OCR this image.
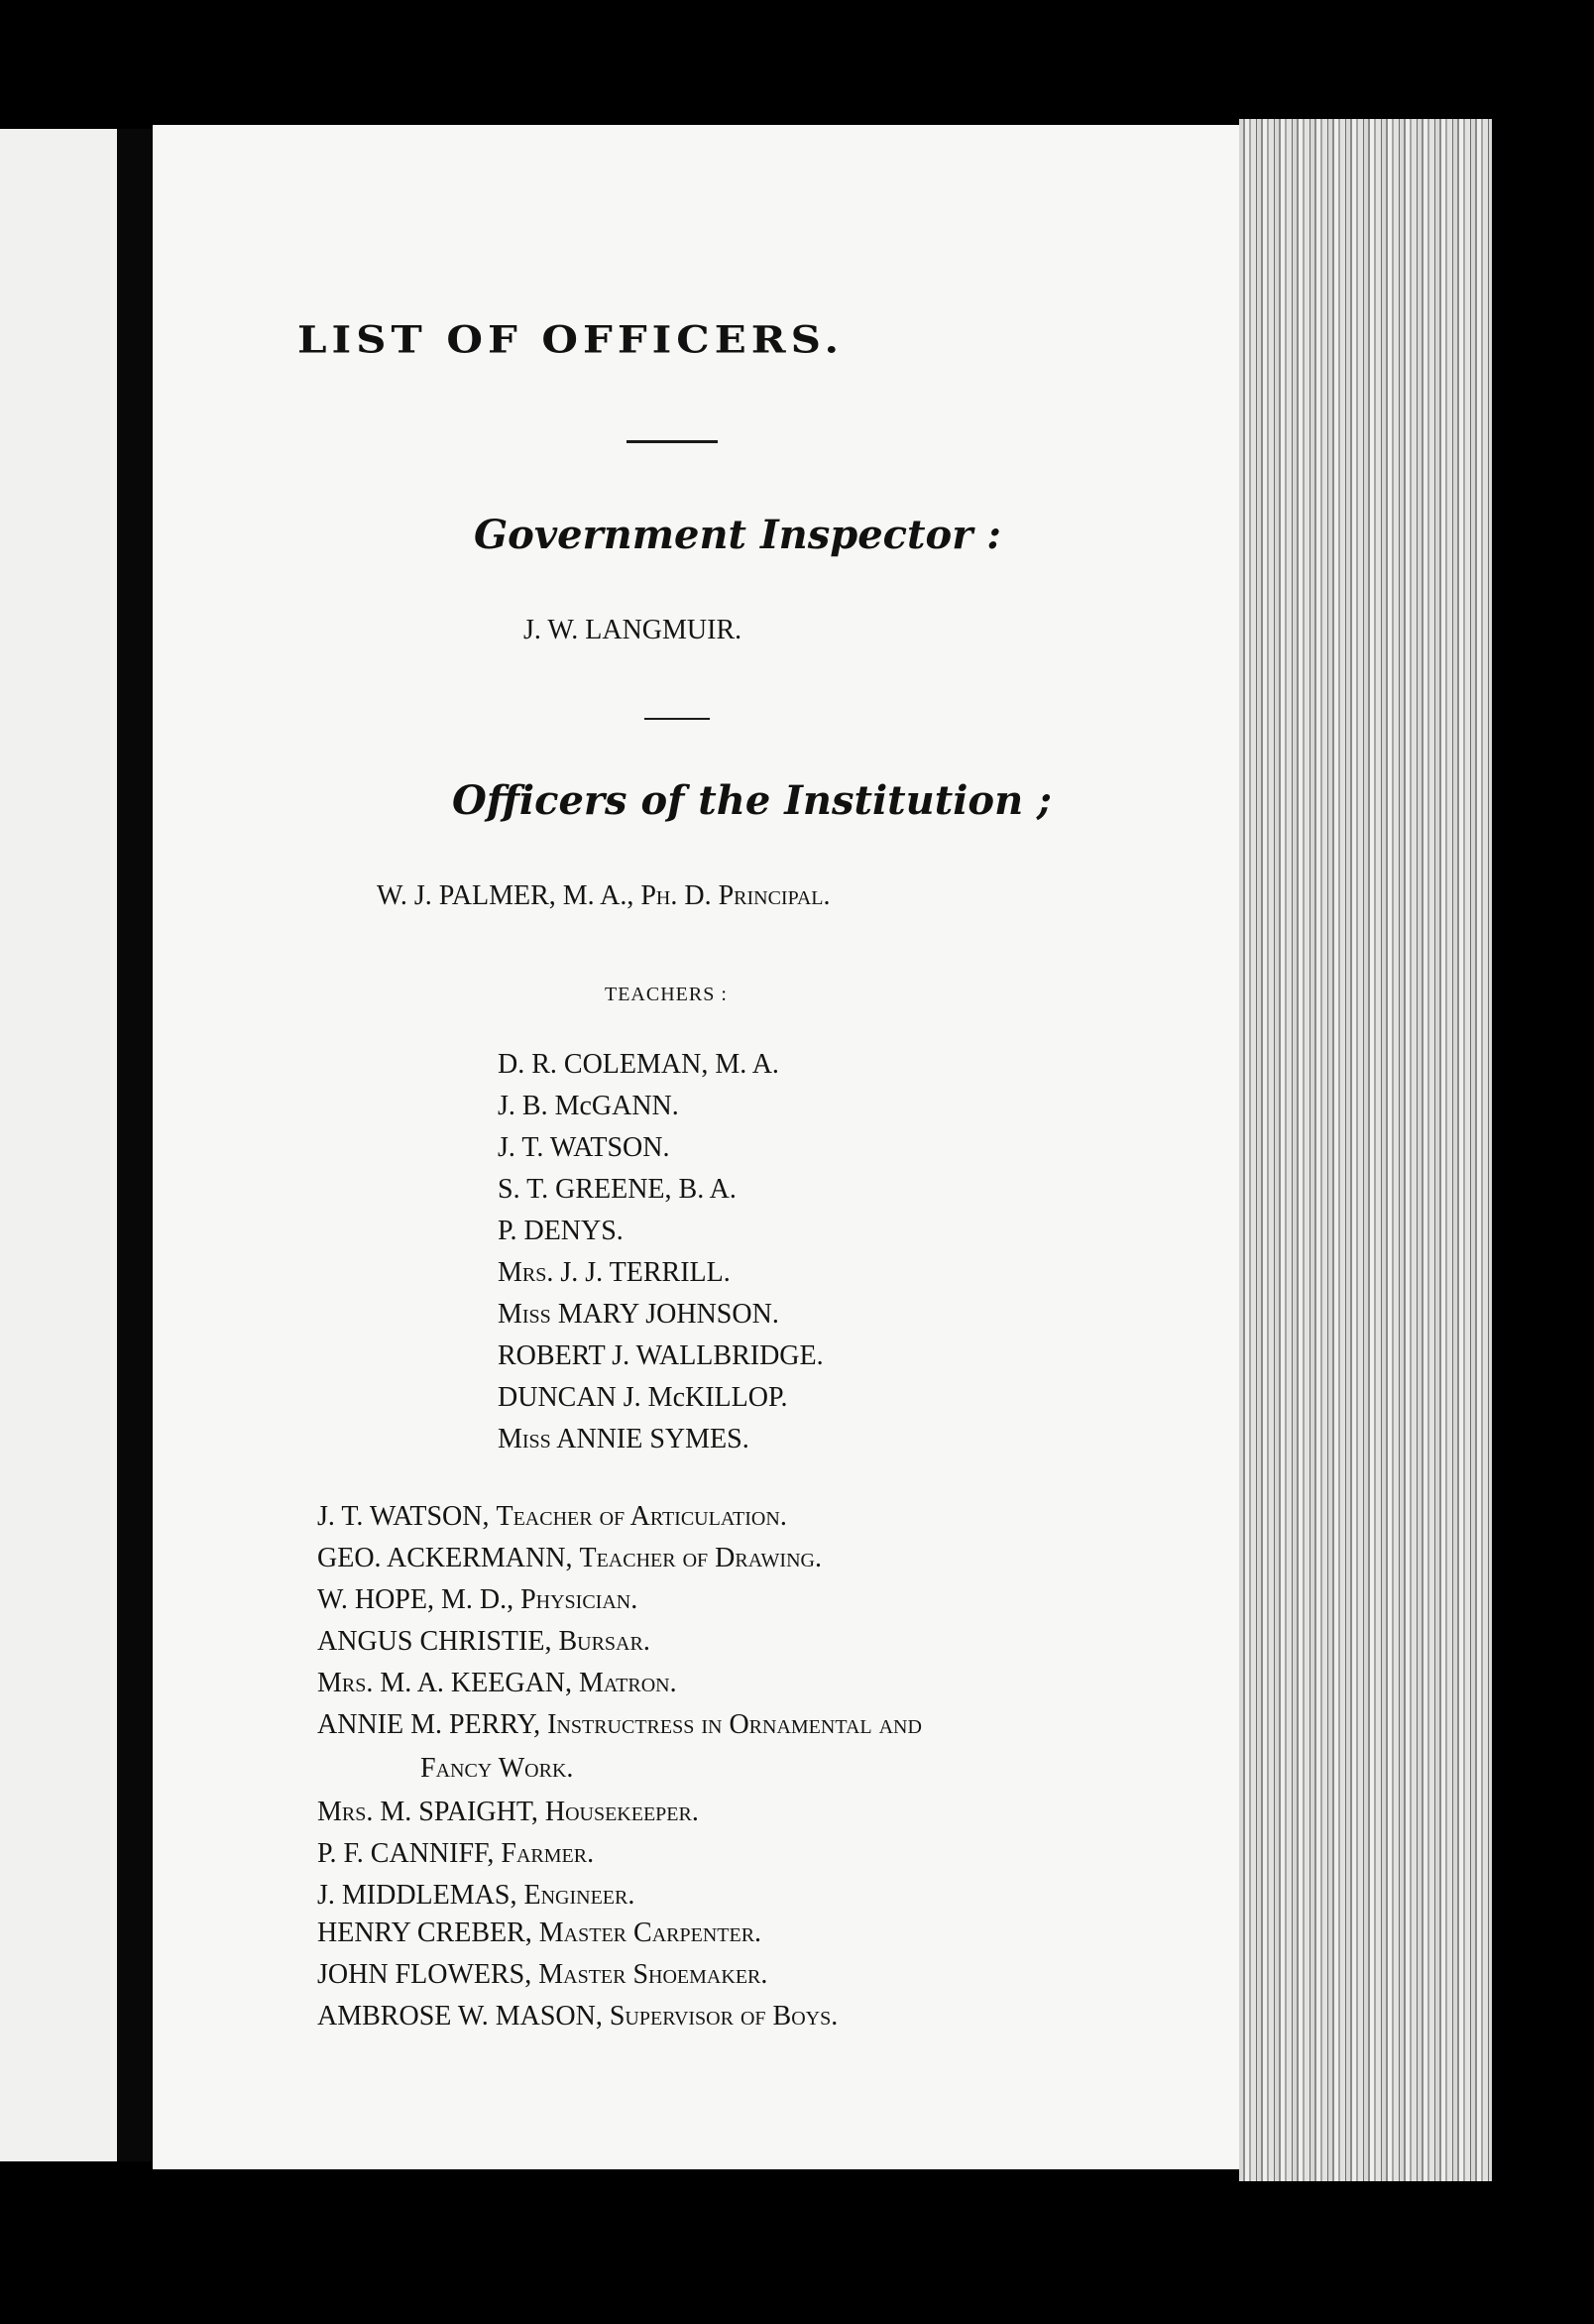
LIST OF OFFICERS.
Government Inspector :
J. W. LANGMUIR.
Officers of the Institution ;
W. J. PALMER, M. A., Ph. D. Principal.
TEACHERS :
D. R. COLEMAN, M. A.
J. B. McGANN.
J. T. WATSON.
S. T. GREENE, B. A.
P. DENYS.
Mrs. J. J. TERRILL.
Miss MARY JOHNSON.
ROBERT J. WALLBRIDGE.
DUNCAN J. McKILLOP.
Miss ANNIE SYMES.
J. T. WATSON, Teacher of Articulation.
GEO. ACKERMANN, Teacher of Drawing.
W. HOPE, M. D., Physician.
ANGUS CHRISTIE, Bursar.
Mrs. M. A. KEEGAN, Matron.
ANNIE M. PERRY, Instructress in Ornamental and
Fancy Work.
Mrs. M. SPAIGHT, Housekeeper.
P. F. CANNIFF, Farmer.
J. MIDDLEMAS, Engineer.
HENRY CREBER, Master Carpenter.
JOHN FLOWERS, Master Shoemaker.
AMBROSE W. MASON, Supervisor of Boys.
